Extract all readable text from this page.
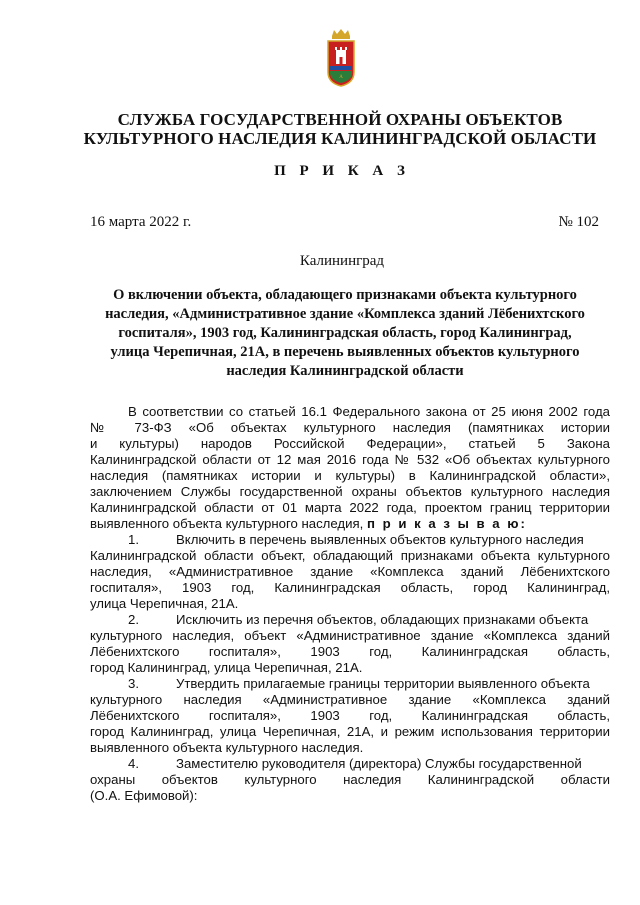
A
СЛУЖБА ГОСУДАРСТВЕННОЙ ОХРАНЫ ОБЪЕКТОВ
КУЛЬТУРНОГО НАСЛЕДИЯ КАЛИНИНГРАДСКОЙ ОБЛАСТИ
П Р И К А З
16 марта 2022 г.	№ 102
Калининград
О включении объекта, обладающего признаками объекта культурного
наследия, «Административное здание «Комплекса зданий Лёбенихтского
госпиталя», 1903 год, Калининградская область, город Калининград,
улица Черепичная, 21А, в перечень выявленных объектов культурного
наследия Калининградской области

В соответствии со статьей 16.1 Федерального закона от 25 июня 2002 года
№ 73-ФЗ «Об объектах культурного наследия (памятниках истории
и культуры) народов Российской Федерации», статьей 5 Закона
Калининградской области от 12 мая 2016 года № 532 «Об объектах культурного
наследия (памятниках истории и культуры) в Калининградской области»,
заключением Службы государственной охраны объектов культурного наследия
Калининградской области от 01 марта 2022 года, проектом границ территории
выявленного объекта культурного наследия, п р и к а з ы в а ю:

1.	Включить в перечень выявленных объектов культурного наследия
Калининградской области объект, обладающий признаками объекта культурного
наследия, «Административное здание «Комплекса зданий Лёбенихтского
госпиталя», 1903 год, Калининградская область, город Калининград,
улица Черепичная, 21А.

2.	Исключить из перечня объектов, обладающих признаками объекта
культурного наследия, объект «Административное здание «Комплекса зданий
Лёбенихтского госпиталя», 1903 год, Калининградская область,
город Калининград, улица Черепичная, 21А.

3.	Утвердить прилагаемые границы территории выявленного объекта
культурного наследия «Административное здание «Комплекса зданий
Лёбенихтского госпиталя», 1903 год, Калининградская область,
город Калининград, улица Черепичная, 21А, и режим использования территории
выявленного объекта культурного наследия.

4.	Заместителю руководителя (директора) Службы государственной
охраны объектов культурного наследия Калининградской области
(О.А. Ефимовой):
